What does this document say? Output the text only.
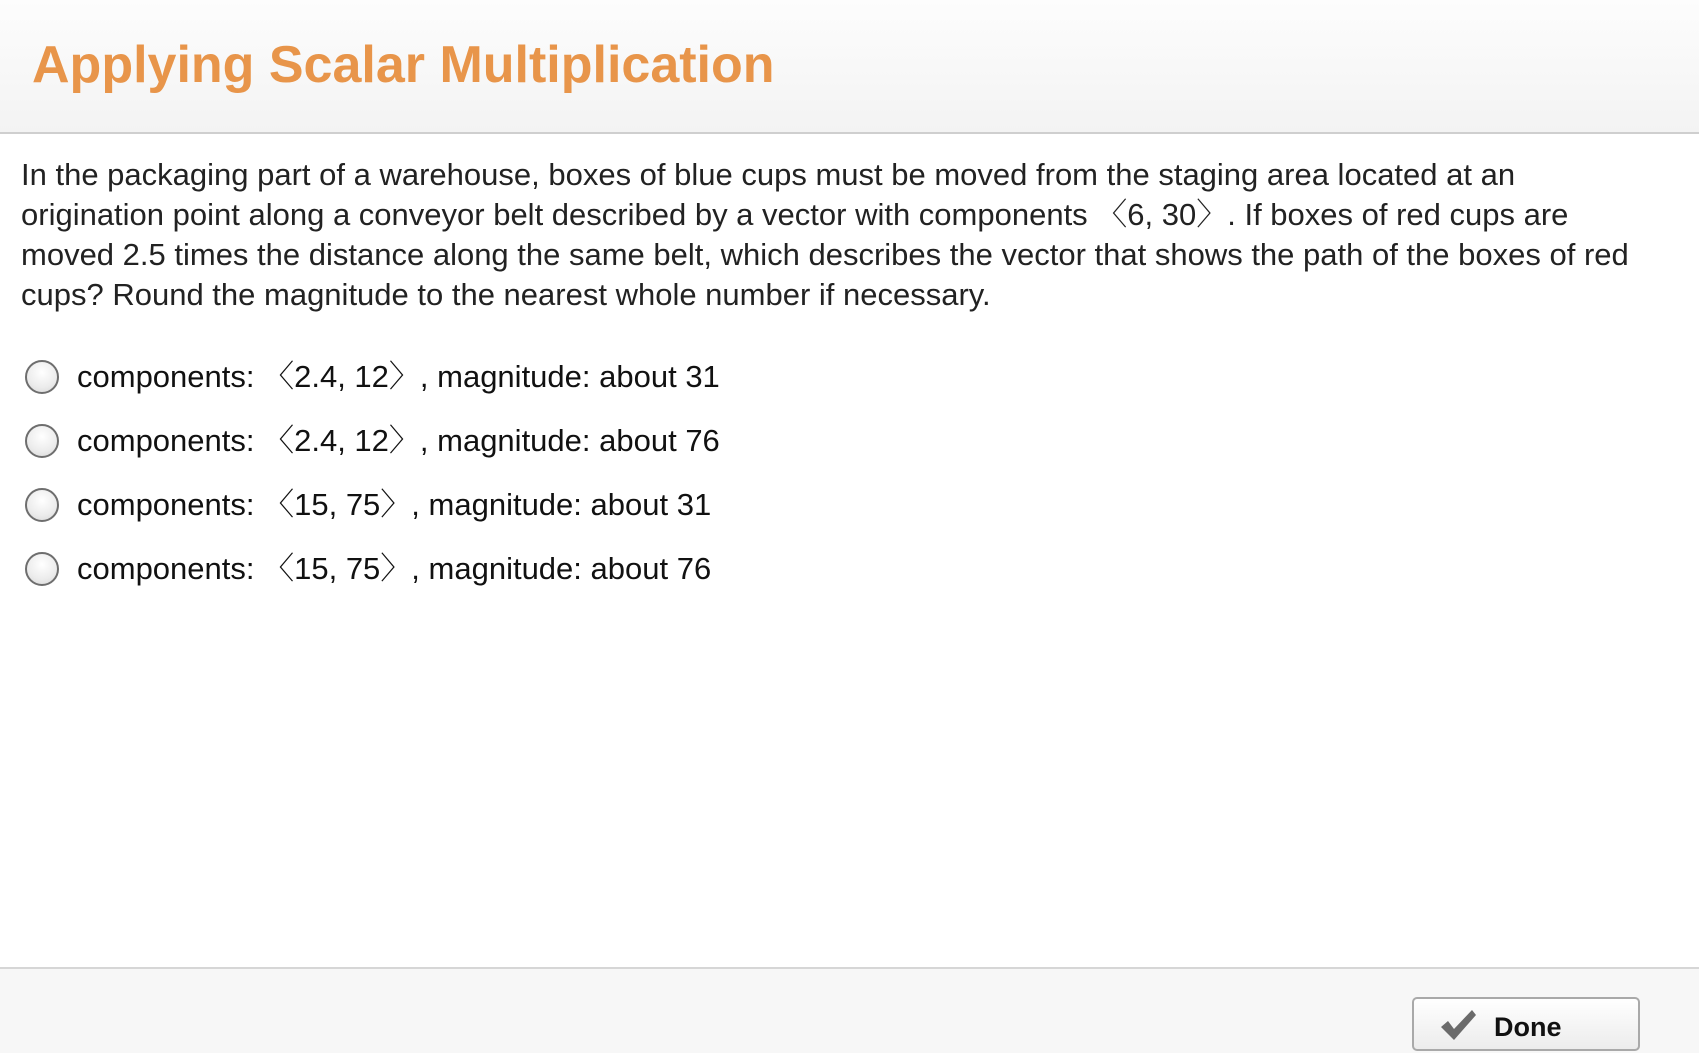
Applying Scalar Multiplication

In the packaging part of a warehouse, boxes of blue cups must be moved from the staging area located at an origination point along a conveyor belt described by a vector with components 〈6, 30〉. If boxes of red cups are moved 2.5 times the distance along the same belt, which describes the vector that shows the path of the boxes of red cups? Round the magnitude to the nearest whole number if necessary.

components: 〈2.4, 12〉, magnitude: about 31
components: 〈2.4, 12〉, magnitude: about 76
components: 〈15, 75〉, magnitude: about 31
components: 〈15, 75〉, magnitude: about 76
Done
